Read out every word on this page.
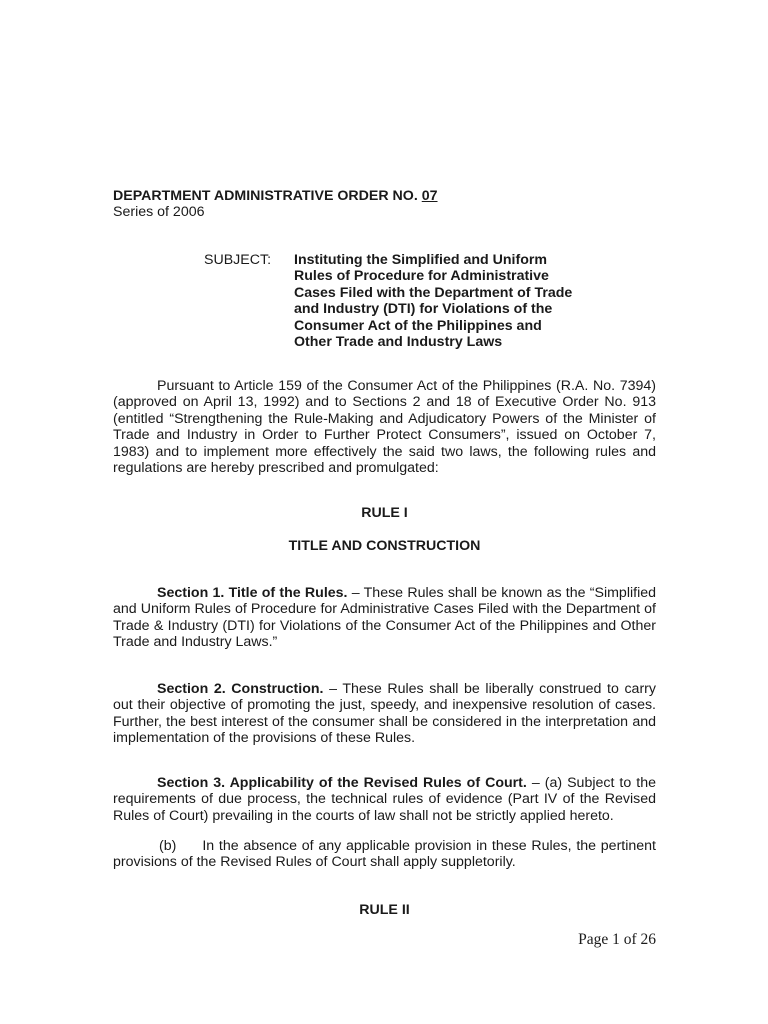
DEPARTMENT ADMINISTRATIVE ORDER NO. 07
Series of 2006
SUBJECT: Instituting the Simplified and Uniform
Rules of Procedure for Administrative
Cases Filed with the Department of Trade
and Industry (DTI) for Violations of the
Consumer Act of the Philippines and
Other Trade and Industry Laws

Pursuant to Article 159 of the Consumer Act of the Philippines (R.A. No. 7394) (approved on April 13, 1992) and to Sections 2 and 18 of Executive Order No. 913 (entitled “Strengthening the Rule-Making and Adjudicatory Powers of the Minister of Trade and Industry in Order to Further Protect Consumers”, issued on October 7, 1983) and to implement more effectively the said two laws, the following rules and regulations are hereby prescribed and promulgated:

RULE I
TITLE AND CONSTRUCTION

Section 1. Title of the Rules. – These Rules shall be known as the “Simplified and Uniform Rules of Procedure for Administrative Cases Filed with the Department of Trade & Industry (DTI) for Violations of the Consumer Act of the Philippines and Other Trade and Industry Laws.”

Section 2. Construction. – These Rules shall be liberally construed to carry out their objective of promoting the just, speedy, and inexpensive resolution of cases. Further, the best interest of the consumer shall be considered in the interpretation and implementation of the provisions of these Rules.

Section 3. Applicability of the Revised Rules of Court. – (a) Subject to the requirements of due process, the technical rules of evidence (Part IV of the Revised Rules of Court) prevailing in the courts of law shall not be strictly applied hereto.

(b) In the absence of any applicable provision in these Rules, the pertinent provisions of the Revised Rules of Court shall apply suppletorily.

RULE II
Page 1 of 26
